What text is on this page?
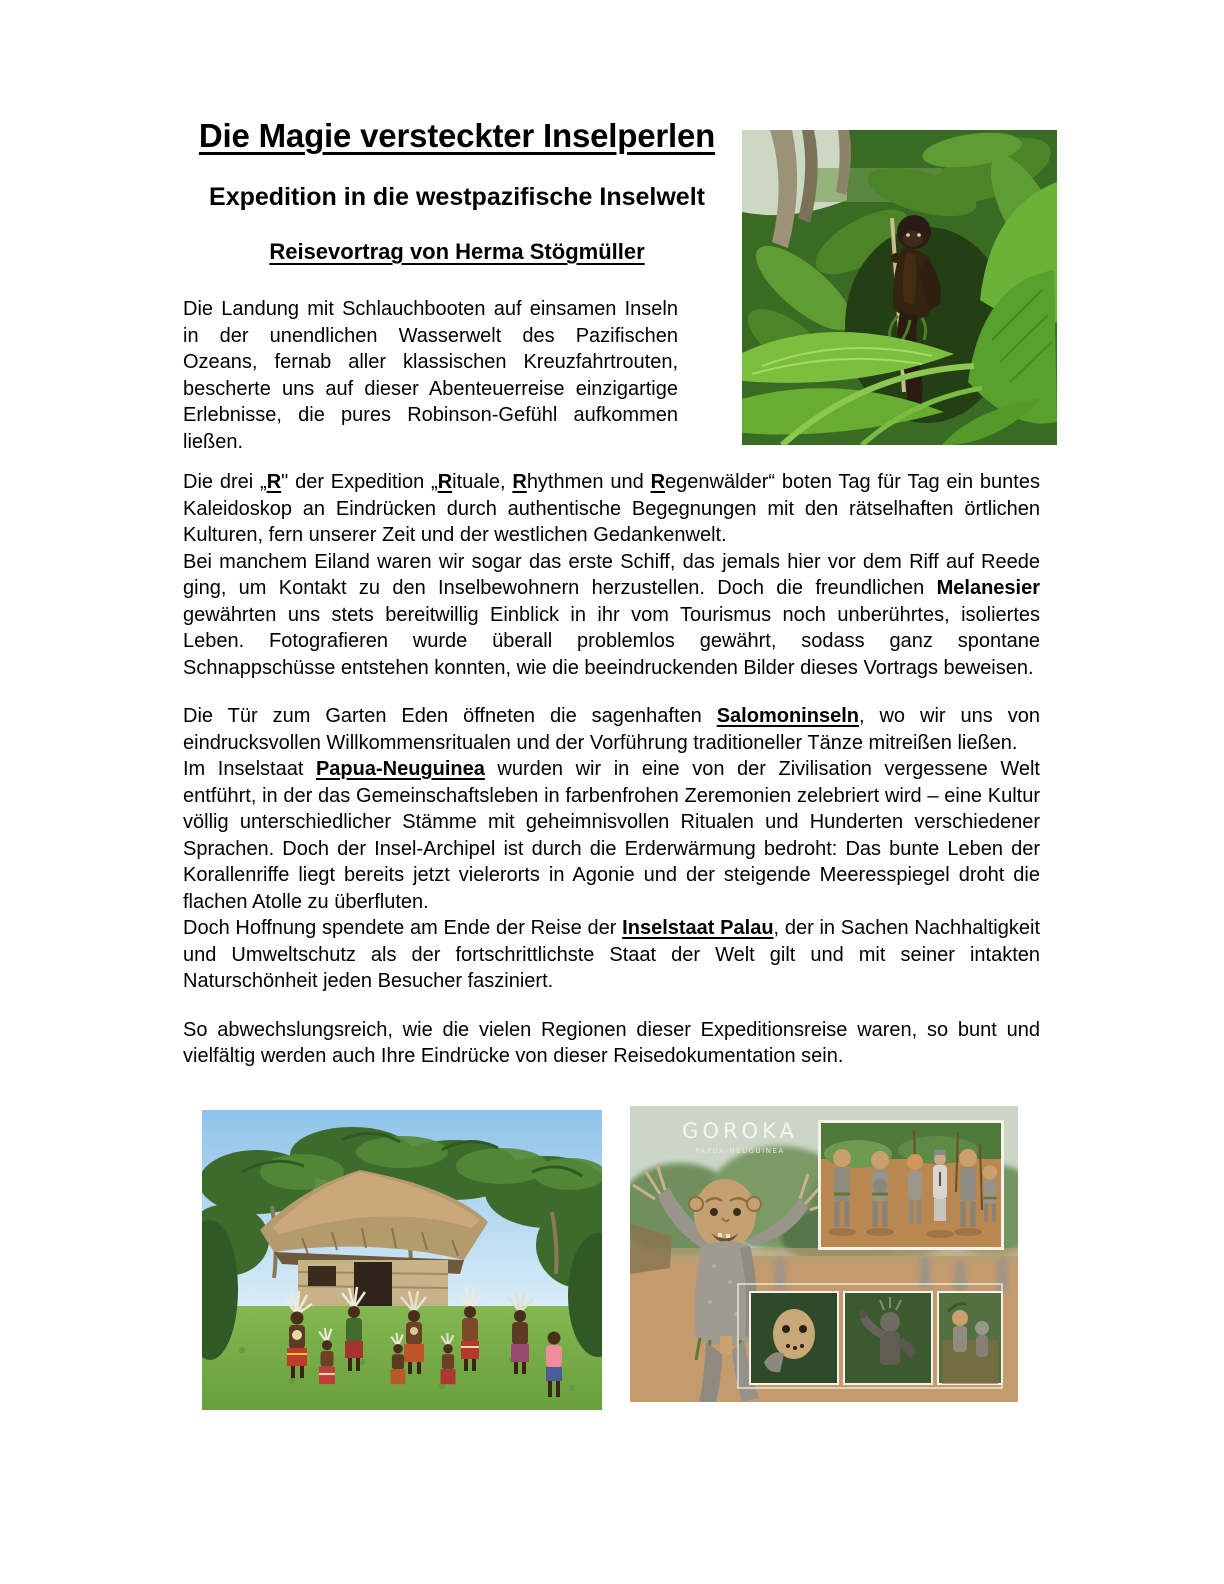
Die Magie versteckter Inselperlen
Expedition in die westpazifische Inselwelt
Reisevortrag von Herma Stögmüller

Die Landung mit Schlauchbooten auf einsamen Inseln in der unendlichen Wasserwelt des Pazifischen Ozeans, fernab aller klassischen Kreuzfahrtrouten, bescherte uns auf dieser Abenteuerreise einzigartige Erlebnisse, die pures Robinson-Gefühl aufkommen ließen.

Die drei „R" der Expedition „Rituale, Rhythmen und Regenwälder“ boten Tag für Tag ein buntes Kaleidoskop an Eindrücken durch authentische Begegnungen mit den rätselhaften örtlichen Kulturen, fern unserer Zeit und der westlichen Gedankenwelt.
Bei manchem Eiland waren wir sogar das erste Schiff, das jemals hier vor dem Riff auf Reede ging, um Kontakt zu den Inselbewohnern herzustellen. Doch die freundlichen Melanesier gewährten uns stets bereitwillig Einblick in ihr vom Tourismus noch unberührtes, isoliertes Leben. Fotografieren wurde überall problemlos gewährt, sodass ganz spontane Schnappschüsse entstehen konnten, wie die beeindruckenden Bilder dieses Vortrags beweisen.

Die Tür zum Garten Eden öffneten die sagenhaften Salomoninseln, wo wir uns von eindrucksvollen Willkommensritualen und der Vorführung traditioneller Tänze mitreißen ließen.
Im Inselstaat Papua-Neuguinea wurden wir in eine von der Zivilisation vergessene Welt entführt, in der das Gemeinschaftsleben in farbenfrohen Zeremonien zelebriert wird – eine Kultur völlig unterschiedlicher Stämme mit geheimnisvollen Ritualen und Hunderten verschiedener Sprachen. Doch der Insel-Archipel ist durch die Erderwärmung bedroht: Das bunte Leben der Korallenriffe liegt bereits jetzt vielerorts in Agonie und der steigende Meeresspiegel droht die flachen Atolle zu überfluten.
Doch Hoffnung spendete am Ende der Reise der Inselstaat Palau, der in Sachen Nachhaltigkeit und Umweltschutz als der fortschrittlichste Staat der Welt gilt und mit seiner intakten Naturschönheit jeden Besucher fasziniert.

So abwechslungsreich, wie die vielen Regionen dieser Expeditionsreise waren, so bunt und vielfältig werden auch Ihre Eindrücke von dieser Reisedokumentation sein.

GOROKA
PAPUA-NEUGUINEA
